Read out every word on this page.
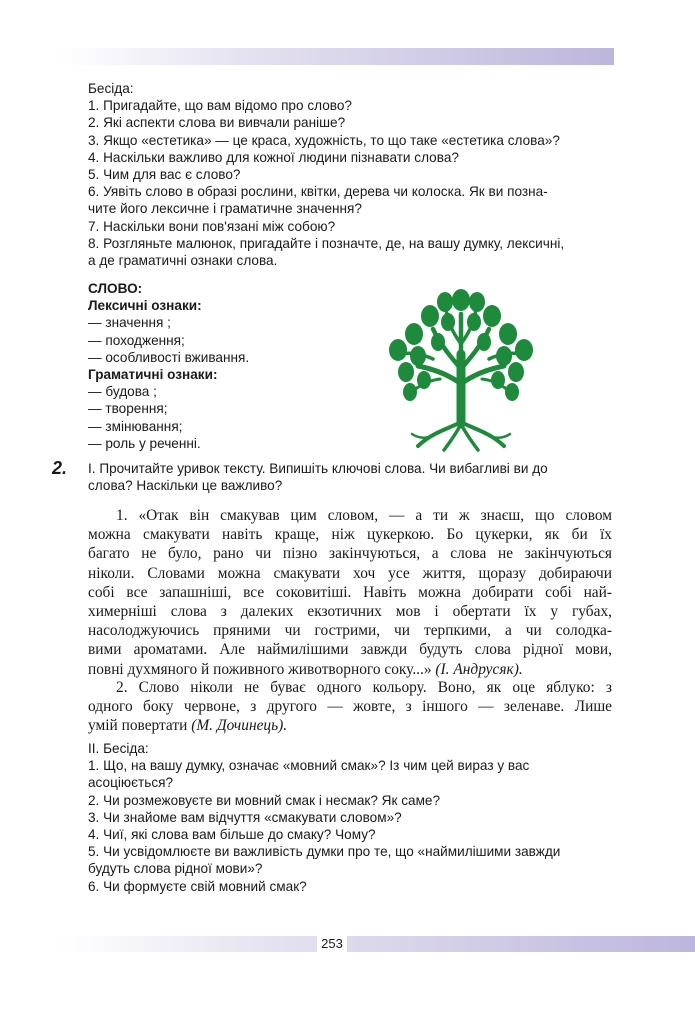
Бесіда:
1. Пригадайте, що вам відомо про слово?
2. Які аспекти слова ви вивчали раніше?
3. Якщо «естетика» — це краса, художність, то що таке «естетика слова»?
4. Наскільки важливо для кожної людини пізнавати слова?
5. Чим для вас є слово?
6. Уявіть слово в образі рослини, квітки, дерева чи колоска. Як ви позна-
чите його лексичне і граматичне значення?
7. Наскільки вони пов'язані між собою?
8. Розгляньте малюнок, пригадайте і позначте, де, на вашу думку, лексичні,
а де граматичні ознаки слова.
СЛОВО:
Лексичні ознаки:
— значення ;
— походження;
— особливості вживання.
Граматичні ознаки:
— будова ;
— творення;
— змінювання;
— роль у реченні.
2. І. Прочитайте уривок тексту. Випишіть ключові слова. Чи вибагливі ви до
слова? Наскільки це важливо?
1. «Отак він смакував цим словом, — а ти ж знаєш, що словом
можна смакувати навіть краще, ніж цукеркою. Бо цукерки, як би їх
багато не було, рано чи пізно закінчуються, а слова не закінчуються
ніколи. Словами можна смакувати хоч усе життя, щоразу добираючи
собі все запашніші, все соковитіші. Навіть можна добирати собі най-
химерніші слова з далеких екзотичних мов і обертати їх у губах,
насолоджуючись пряними чи гострими, чи терпкими, а чи солодка-
вими ароматами. Але наймилішими завжди будуть слова рідної мови,
повні духмяного й поживного животворного соку...» (І. Андрусяк).
2. Слово ніколи не буває одного кольору. Воно, як оце яблуко: з
одного боку червоне, з другого — жовте, з іншого — зеленаве. Лише
умій повертати (М. Дочинець).
ІІ. Бесіда:
1. Що, на вашу думку, означає «мовний смак»? Із чим цей вираз у вас
асоціюється?
2. Чи розмежовуєте ви мовний смак і несмак? Як саме?
3. Чи знайоме вам відчуття «смакувати словом»?
4. Чиї, які слова вам більше до смаку? Чому?
5. Чи усвідомлюєте ви важливість думки про те, що «наймилішими завжди
будуть слова рідної мови»?
6. Чи формуєте свій мовний смак?
253
